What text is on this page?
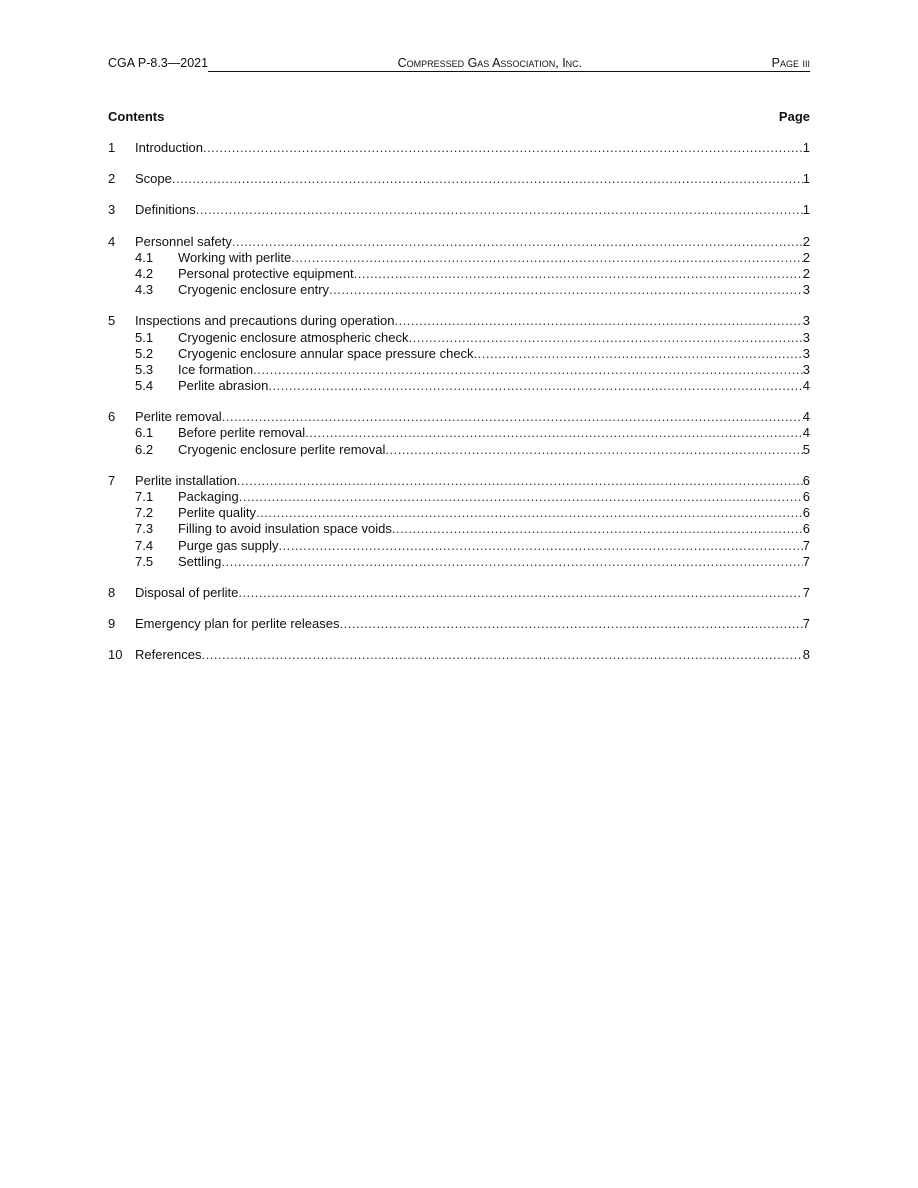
CGA P-8.3—2021	Compressed Gas Association, Inc.	Page iii
Contents	Page
1	Introduction .....	1
2	Scope .....	1
3	Definitions .....	1
4	Personnel safety .....	2
4.1	Working with perlite .....	2
4.2	Personal protective equipment .....	2
4.3	Cryogenic enclosure entry .....	3
5	Inspections and precautions during operation .....	3
5.1	Cryogenic enclosure atmospheric check .....	3
5.2	Cryogenic enclosure annular space pressure check .....	3
5.3	Ice formation .....	3
5.4	Perlite abrasion .....	4
6	Perlite removal .....	4
6.1	Before perlite removal .....	4
6.2	Cryogenic enclosure perlite removal .....	5
7	Perlite installation .....	6
7.1	Packaging .....	6
7.2	Perlite quality .....	6
7.3	Filling to avoid insulation space voids .....	6
7.4	Purge gas supply .....	7
7.5	Settling .....	7
8	Disposal of perlite .....	7
9	Emergency plan for perlite releases .....	7
10 References .....	8
